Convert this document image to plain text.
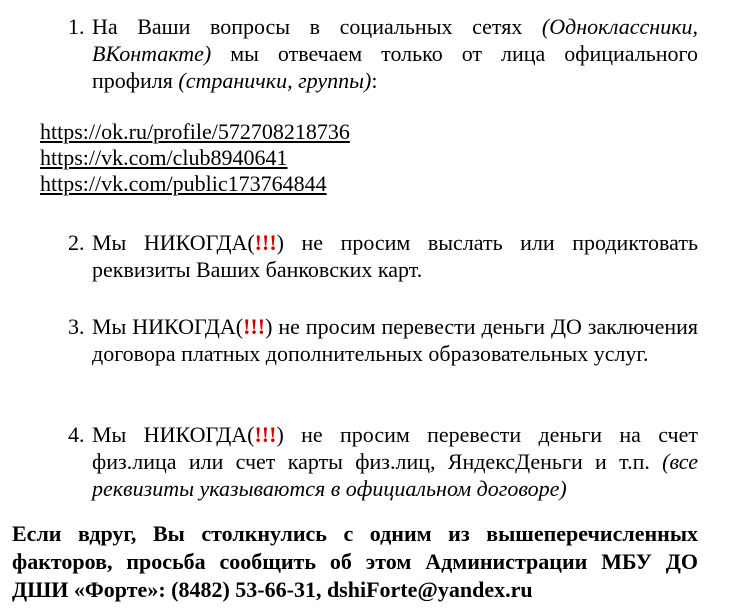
1. На Ваши вопросы в социальных сетях (Одноклассники, ВКонтакте) мы отвечаем только от лица официального профиля (странички, группы):
https://ok.ru/profile/572708218736
https://vk.com/club8940641
https://vk.com/public173764844
2. Мы НИКОГДА(!!!) не просим выслать или продиктовать реквизиты Ваших банковских карт.
3. Мы НИКОГДА(!!!) не просим перевести деньги ДО заключения договора платных дополнительных образовательных услуг.
4. Мы НИКОГДА(!!!) не просим перевести деньги на счет физ.лица или счет карты физ.лиц, ЯндексДеньги и т.п. (все реквизиты указываются в официальном договоре)
Если вдруг, Вы столкнулись с одним из вышеперечисленных факторов, просьба сообщить об этом Администрации МБУ ДО ДШИ «Форте»: (8482) 53-66-31, dshiForte@yandex.ru
